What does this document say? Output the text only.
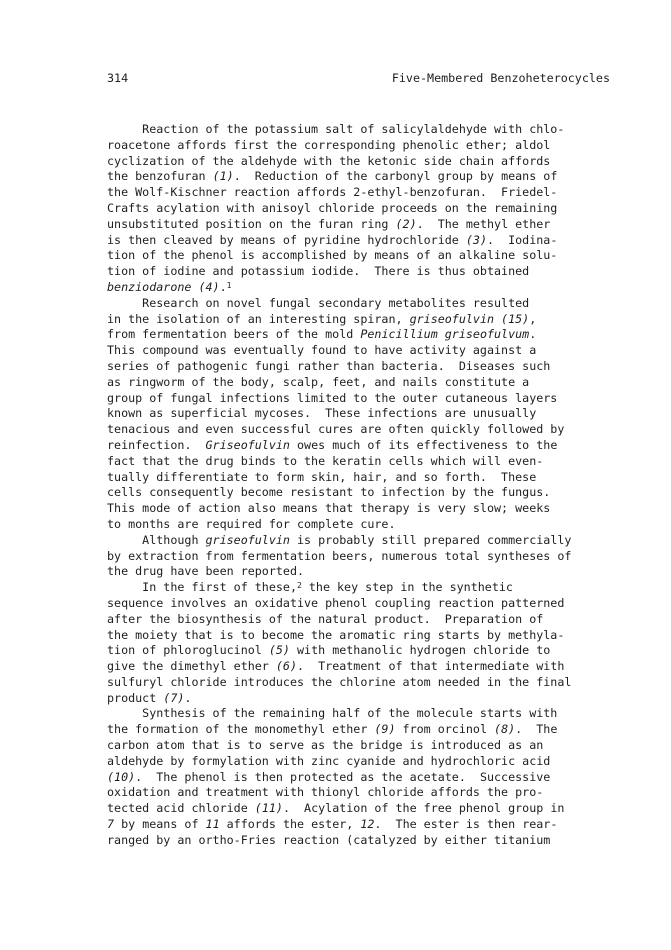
314	Five-Membered Benzoheterocycles
Reaction of the potassium salt of salicylaldehyde with chlo-
roacetone affords first the corresponding phenolic ether; aldol
cyclization of the aldehyde with the ketonic side chain affords
the benzofuran (1).  Reduction of the carbonyl group by means of
the Wolf-Kischner reaction affords 2-ethyl-benzofuran.  Friedel-
Crafts acylation with anisoyl chloride proceeds on the remaining
unsubstituted position on the furan ring (2).  The methyl ether
is then cleaved by means of pyridine hydrochloride (3).  Iodina-
tion of the phenol is accomplished by means of an alkaline solu-
tion of iodine and potassium iodide.  There is thus obtained
benziodarone (4).$^1$
Research on novel fungal secondary metabolites resulted
in the isolation of an interesting spiran, griseofulvin (15),
from fermentation beers of the mold Penicillium griseofulvum.
This compound was eventually found to have activity against a
series of pathogenic fungi rather than bacteria.  Diseases such
as ringworm of the body, scalp, feet, and nails constitute a
group of fungal infections limited to the outer cutaneous layers
known as superficial mycoses.  These infections are unusually
tenacious and even successful cures are often quickly followed by
reinfection.  Griseofulvin owes much of its effectiveness to the
fact that the drug binds to the keratin cells which will even-
tually differentiate to form skin, hair, and so forth.  These
cells consequently become resistant to infection by the fungus.
This mode of action also means that therapy is very slow; weeks
to months are required for complete cure.
Although griseofulvin is probably still prepared commercially
by extraction from fermentation beers, numerous total syntheses of
the drug have been reported.
In the first of these,$^2$ the key step in the synthetic
sequence involves an oxidative phenol coupling reaction patterned
after the biosynthesis of the natural product.  Preparation of
the moiety that is to become the aromatic ring starts by methyla-
tion of phloroglucinol (5) with methanolic hydrogen chloride to
give the dimethyl ether (6).  Treatment of that intermediate with
sulfuryl chloride introduces the chlorine atom needed in the final
product (7).
Synthesis of the remaining half of the molecule starts with
the formation of the monomethyl ether (9) from orcinol (8).  The
carbon atom that is to serve as the bridge is introduced as an
aldehyde by formylation with zinc cyanide and hydrochloric acid
(10).  The phenol is then protected as the acetate.  Successive
oxidation and treatment with thionyl chloride affords the pro-
tected acid chloride (11).  Acylation of the free phenol group in
7 by means of 11 affords the ester, 12.  The ester is then rear-
ranged by an ortho-Fries reaction (catalyzed by either titanium
